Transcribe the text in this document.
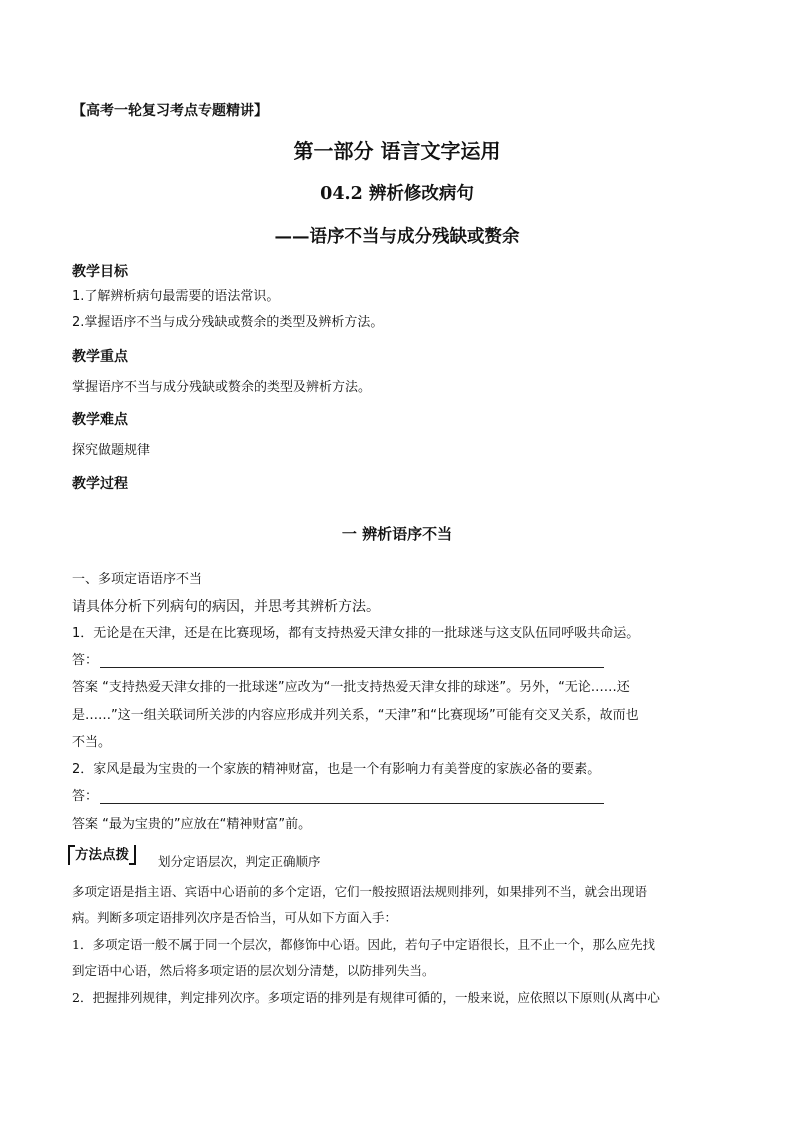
【高考一轮复习考点专题精讲】
第一部分 语言文字运用
04.2 辨析修改病句
——语序不当与成分残缺或赘余
教学目标
1.了解辨析病句最需要的语法常识。
2.掌握语序不当与成分残缺或赘余的类型及辨析方法。
教学重点
掌握语序不当与成分残缺或赘余的类型及辨析方法。
教学难点
探究做题规律
教学过程
一 辨析语序不当
一、多项定语语序不当
请具体分析下列病句的病因，并思考其辨析方法。
1．无论是在天津，还是在比赛现场，都有支持热爱天津女排的一批球迷与这支队伍同呼吸共命运。
答：
答案 “支持热爱天津女排的一批球迷”应改为“一批支持热爱天津女排的球迷”。另外，“无论……还
是……”这一组关联词所关涉的内容应形成并列关系，“天津”和“比赛现场”可能有交叉关系，故而也
不当。
2．家风是最为宝贵的一个家族的精神财富，也是一个有影响力有美誉度的家族必备的要素。
答：
答案 “最为宝贵的”应放在“精神财富”前。
方法点拨 划分定语层次，判定正确顺序
多项定语是指主语、宾语中心语前的多个定语，它们一般按照语法规则排列，如果排列不当，就会出现语
病。判断多项定语排列次序是否恰当，可从如下方面入手：
1．多项定语一般不属于同一个层次，都修饰中心语。因此，若句子中定语很长，且不止一个，那么应先找
到定语中心语，然后将多项定语的层次划分清楚，以防排列失当。
2．把握排列规律，判定排列次序。多项定语的排列是有规律可循的，一般来说，应依照以下原则(从离中心
